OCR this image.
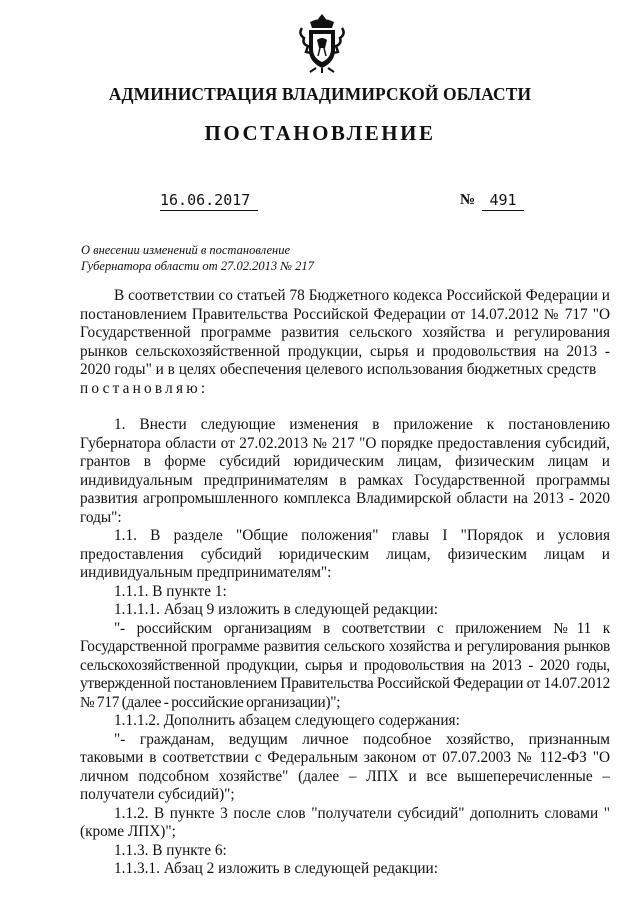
АДМИНИСТРАЦИЯ ВЛАДИМИРСКОЙ ОБЛАСТИ
ПОСТАНОВЛЕНИЕ
16.06.2017	№ 491
О внесении изменений в постановление
Губернатора области от 27.02.2013 № 217

В соответствии со статьей 78 Бюджетного кодекса Российской Федерации и постановлением Правительства Российской Федерации от 14.07.2012 № 717 "О Государственной программе развития сельского хозяйства и регулирования рынков сельскохозяйственной продукции, сырья и продовольствия на 2013 - 2020 годы" и в целях обеспечения целевого использования бюджетных средств

постановляю:

1. Внести следующие изменения в приложение к постановлению Губернатора области от 27.02.2013 № 217 "О порядке предоставления субсидий, грантов в форме субсидий юридическим лицам, физическим лицам и индивидуальным предпринимателям в рамках Государственной программы развития агропромышленного комплекса Владимирской области на 2013 - 2020 годы":

1.1. В разделе "Общие положения" главы I "Порядок и условия предоставления субсидий юридическим лицам, физическим лицам и индивидуальным предпринимателям":

1.1.1. В пункте 1:

1.1.1.1. Абзац 9 изложить в следующей редакции:

"- российским организациям в соответствии с приложением №11 к Государственной программе развития сельского хозяйства и регулирования рынков сельскохозяйственной продукции, сырья и продовольствия на 2013 - 2020 годы, утвержденной постановлением Правительства Российской Федерации от 14.07.2012 № 717 (далее - российские организации)";

1.1.1.2. Дополнить абзацем следующего содержания:

"- гражданам, ведущим личное подсобное хозяйство, признанным таковыми в соответствии с Федеральным законом от 07.07.2003 № 112-ФЗ "О личном подсобном хозяйстве" (далее – ЛПХ и все вышеперечисленные – получатели субсидий)";

1.1.2. В пункте 3 после слов "получатели субсидий" дополнить словами "(кроме ЛПХ)";

1.1.3. В пункте 6:

1.1.3.1. Абзац 2 изложить в следующей редакции:
